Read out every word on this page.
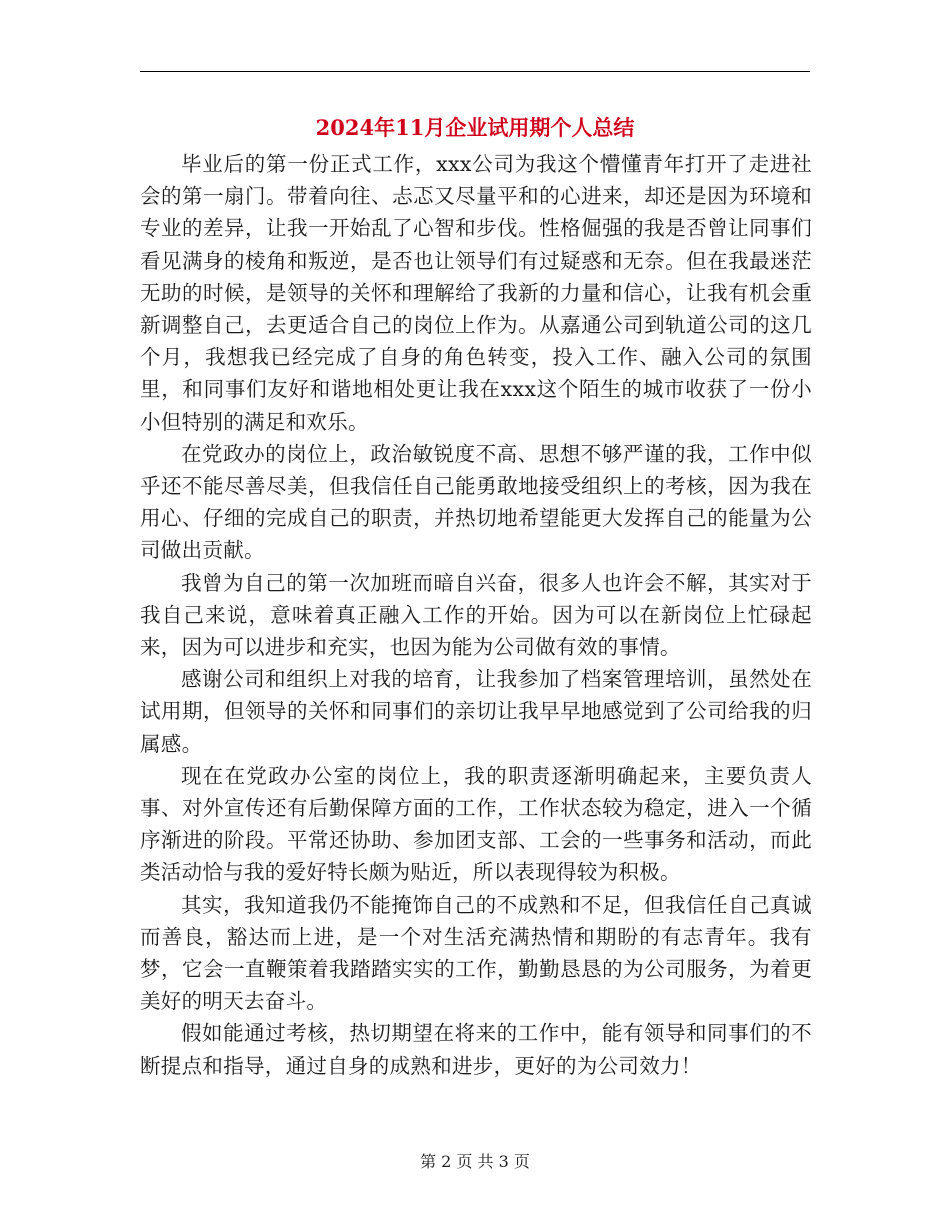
2024年11月企业试用期个人总结

毕业后的第一份正式工作，xxx公司为我这个懵懂青年打开了走进社会的第一扇门。带着向往、忐忑又尽量平和的心进来，却还是因为环境和专业的差异，让我一开始乱了心智和步伐。性格倔强的我是否曾让同事们看见满身的棱角和叛逆，是否也让领导们有过疑惑和无奈。但在我最迷茫无助的时候，是领导的关怀和理解给了我新的力量和信心，让我有机会重新调整自己，去更适合自己的岗位上作为。从嘉通公司到轨道公司的这几个月，我想我已经完成了自身的角色转变，投入工作、融入公司的氛围里，和同事们友好和谐地相处更让我在xxx这个陌生的城市收获了一份小小但特别的满足和欢乐。

在党政办的岗位上，政治敏锐度不高、思想不够严谨的我，工作中似乎还不能尽善尽美，但我信任自己能勇敢地接受组织上的考核，因为我在用心、仔细的完成自己的职责，并热切地希望能更大发挥自己的能量为公司做出贡献。

我曾为自己的第一次加班而暗自兴奋，很多人也许会不解，其实对于我自己来说，意味着真正融入工作的开始。因为可以在新岗位上忙碌起来，因为可以进步和充实，也因为能为公司做有效的事情。

感谢公司和组织上对我的培育，让我参加了档案管理培训，虽然处在试用期，但领导的关怀和同事们的亲切让我早早地感觉到了公司给我的归属感。

现在在党政办公室的岗位上，我的职责逐渐明确起来，主要负责人事、对外宣传还有后勤保障方面的工作，工作状态较为稳定，进入一个循序渐进的阶段。平常还协助、参加团支部、工会的一些事务和活动，而此类活动恰与我的爱好特长颇为贴近，所以表现得较为积极。

其实，我知道我仍不能掩饰自己的不成熟和不足，但我信任自己真诚而善良，豁达而上进，是一个对生活充满热情和期盼的有志青年。我有梦，它会一直鞭策着我踏踏实实的工作，勤勤恳恳的为公司服务，为着更美好的明天去奋斗。

假如能通过考核，热切期望在将来的工作中，能有领导和同事们的不断提点和指导，通过自身的成熟和进步，更好的为公司效力！

第 2 页 共 3 页
